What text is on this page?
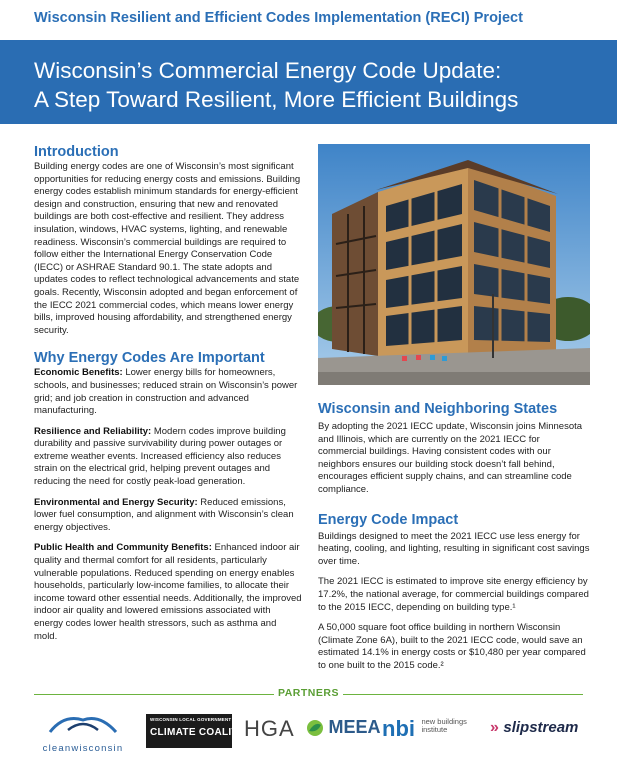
Wisconsin Resilient and Efficient Codes Implementation (RECI) Project
Wisconsin’s Commercial Energy Code Update:
A Step Toward Resilient, More Efficient Buildings
Introduction

Building energy codes are one of Wisconsin’s most significant opportunities for reducing energy costs and emissions. Building energy codes establish minimum standards for energy-efficient design and construction, ensuring that new and renovated buildings are both cost-effective and resilient. They address insulation, windows, HVAC systems, lighting, and renewable readiness. Wisconsin’s commercial buildings are required to follow either the International Energy Conservation Code (IECC) or ASHRAE Standard 90.1. The state adopts and updates codes to reflect technological advancements and state goals. Recently, Wisconsin adopted and began enforcement of the IECC 2021 commercial codes, which means lower energy bills, improved housing affordability, and strengthened energy security.

Why Energy Codes Are Important

Economic Benefits: Lower energy bills for homeowners, schools, and businesses; reduced strain on Wisconsin’s power grid; and job creation in construction and advanced manufacturing.

Resilience and Reliability: Modern codes improve building durability and passive survivability during power outages or extreme weather events. Increased efficiency also reduces strain on the electrical grid, helping prevent outages and reducing the need for costly peak-load generation.

Environmental and Energy Security: Reduced emissions, lower fuel consumption, and alignment with Wisconsin’s clean energy objectives.

Public Health and Community Benefits: Enhanced indoor air quality and thermal comfort for all residents, particularly vulnerable populations. Reduced spending on energy enables households, particularly low-income families, to allocate their income toward other essential needs. Additionally, the improved indoor air quality and lowered emissions associated with energy codes lower health stressors, such as asthma and mold.

Wisconsin and Neighboring States

By adopting the 2021 IECC update, Wisconsin joins Minnesota and Illinois, which are currently on the 2021 IECC for commercial buildings. Having consistent codes with our neighbors ensures our building stock doesn’t fall behind, encourages efficient supply chains, and can streamline code compliance.

Energy Code Impact

Buildings designed to meet the 2021 IECC use less energy for heating, cooling, and lighting, resulting in significant cost savings over time.

The 2021 IECC is estimated to improve site energy efficiency by 17.2%, the national average, for commercial buildings compared to the 2015 IECC, depending on building type.¹

A 50,000 square foot office building in northern Wisconsin (Climate Zone 6A), built to the 2021 IECC code, would save an estimated 14.1% in energy costs or $10,480 per year compared to one built to the 2015 code.²

PARTNERS
cleanwisconsin
WISCONSIN LOCAL GOVERNMENT
CLIMATE COALITION
HGA	MEEA nbi new buildings
institute	» slipstream
